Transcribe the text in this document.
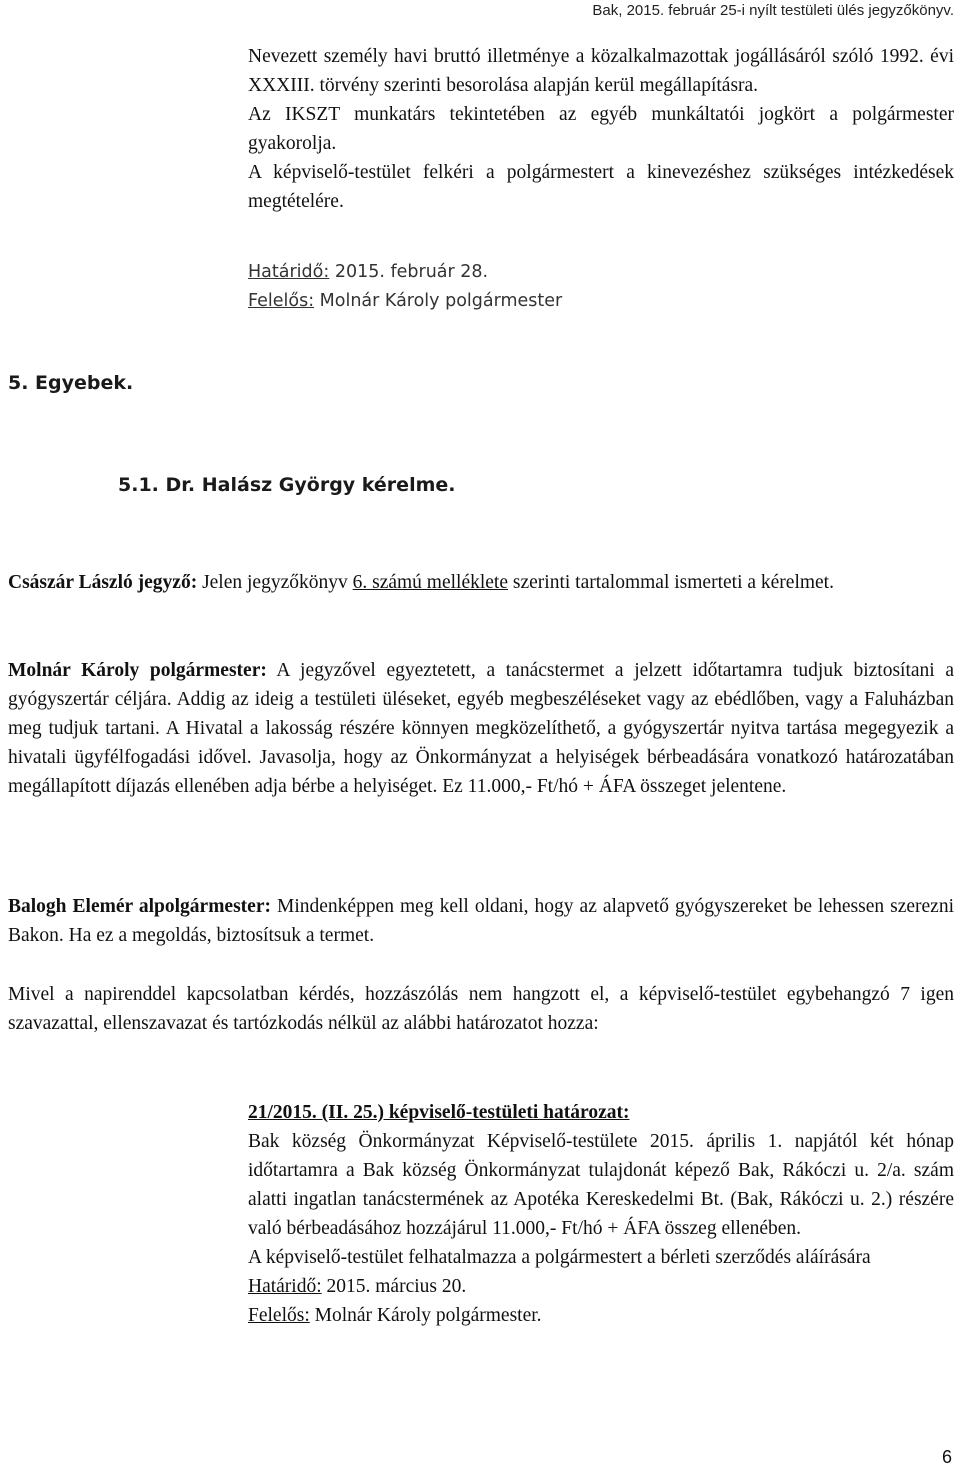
Bak, 2015. február 25-i nyílt testületi ülés jegyzőkönyv.

Nevezett személy havi bruttó illetménye a közalkalmazottak jogállásáról szóló 1992. évi XXXIII. törvény szerinti besorolása alapján kerül megállapításra.

Az IKSZT munkatárs tekintetében az egyéb munkáltatói jogkört a polgármester gyakorolja.

A képviselő-testület felkéri a polgármestert a kinevezéshez szükséges intézkedések megtételére.

Határidő: 2015. február 28.
Felelős: Molnár Károly polgármester
5. Egyebek.
5.1. Dr. Halász György kérelme.
Császár László jegyző: Jelen jegyzőkönyv 6. számú melléklete szerinti tartalommal ismerteti a kérelmet.
Molnár Károly polgármester: A jegyzővel egyeztetett, a tanácstermet a jelzett időtartamra tudjuk biztosítani a gyógyszertár céljára. Addig az ideig a testületi üléseket, egyéb megbeszéléseket vagy az ebédlőben, vagy a Faluházban meg tudjuk tartani. A Hivatal a lakosság részére könnyen megközelíthető, a gyógyszertár nyitva tartása megegyezik a hivatali ügyfélfogadási idővel. Javasolja, hogy az Önkormányzat a helyiségek bérbeadására vonatkozó határozatában megállapított díjazás ellenében adja bérbe a helyiséget. Ez 11.000,- Ft/hó + ÁFA összeget jelentene.
Balogh Elemér alpolgármester: Mindenképpen meg kell oldani, hogy az alapvető gyógyszereket be lehessen szerezni Bakon. Ha ez a megoldás, biztosítsuk a termet.
Mivel a napirenddel kapcsolatban kérdés, hozzászólás nem hangzott el, a képviselő-testület egybehangzó 7 igen szavazattal, ellenszavazat és tartózkodás nélkül az alábbi határozatot hozza:
21/2015. (II. 25.) képviselő-testületi határozat:

Bak község Önkormányzat Képviselő-testülete 2015. április 1. napjától két hónap időtartamra a Bak község Önkormányzat tulajdonát képező Bak, Rákóczi u. 2/a. szám alatti ingatlan tanácstermének az Apotéka Kereskedelmi Bt. (Bak, Rákóczi u. 2.) részére való bérbeadásához hozzájárul 11.000,- Ft/hó + ÁFA összeg ellenében.

A képviselő-testület felhatalmazza a polgármestert a bérleti szerződés aláírására

Határidő: 2015. március 20.

Felelős: Molnár Károly polgármester.

6
